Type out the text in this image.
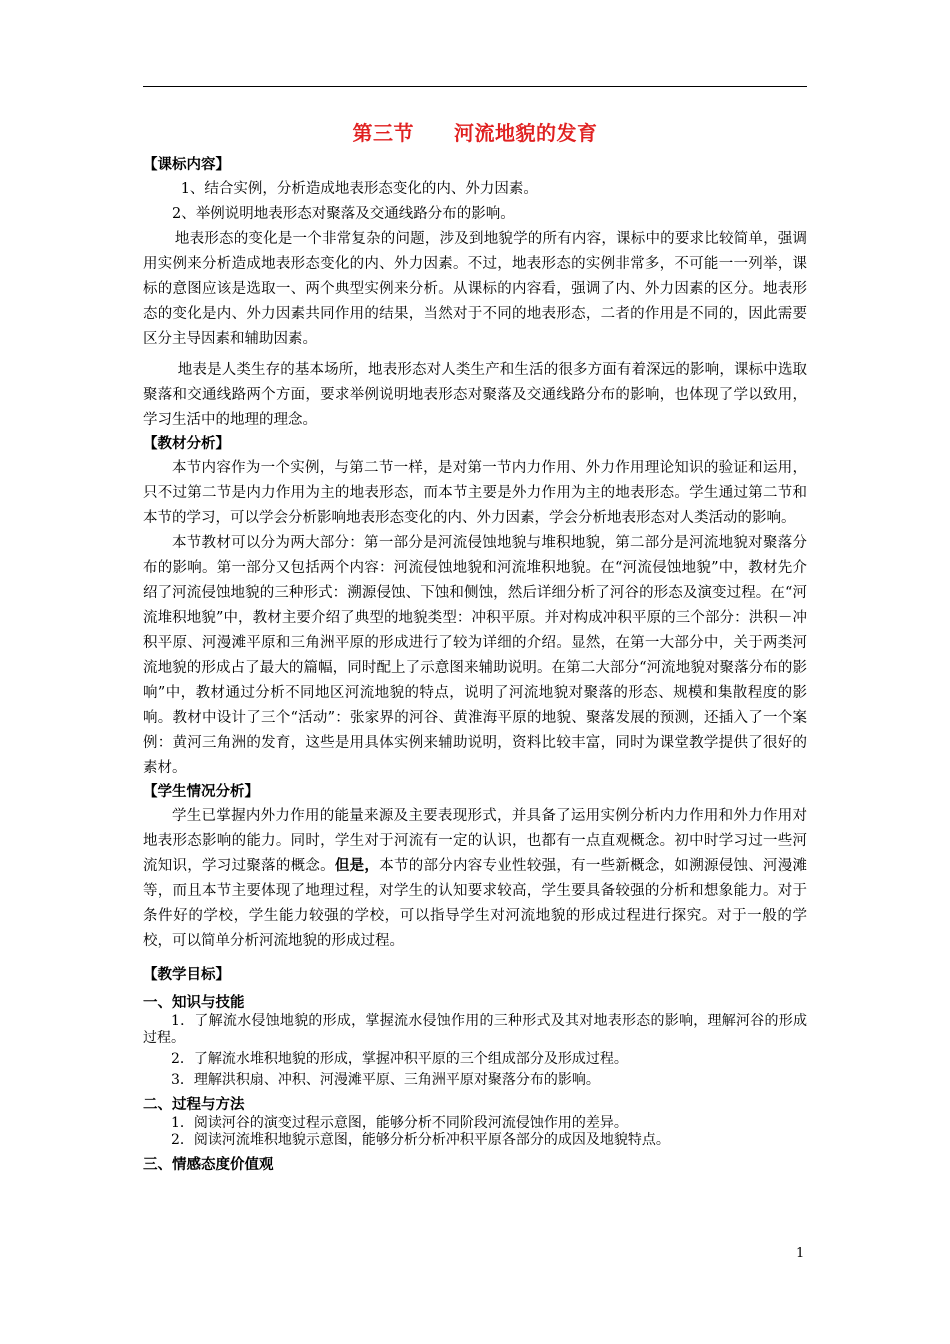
第三节 河流地貌的发育
【课标内容】

1、结合实例，分析造成地表形态变化的内、外力因素。

2、举例说明地表形态对聚落及交通线路分布的影响。

地表形态的变化是一个非常复杂的问题，涉及到地貌学的所有内容，课标中的要求比较简单，强调用实例来分析造成地表形态变化的内、外力因素。不过，地表形态的实例非常多，不可能一一列举，课标的意图应该是选取一、两个典型实例来分析。从课标的内容看，强调了内、外力因素的区分。地表形态的变化是内、外力因素共同作用的结果，当然对于不同的地表形态，二者的作用是不同的，因此需要区分主导因素和辅助因素。

地表是人类生存的基本场所，地表形态对人类生产和生活的很多方面有着深远的影响，课标中选取聚落和交通线路两个方面，要求举例说明地表形态对聚落及交通线路分布的影响，也体现了学以致用，学习生活中的地理的理念。

【教材分析】

本节内容作为一个实例，与第二节一样，是对第一节内力作用、外力作用理论知识的验证和运用，只不过第二节是内力作用为主的地表形态，而本节主要是外力作用为主的地表形态。学生通过第二节和本节的学习，可以学会分析影响地表形态变化的内、外力因素，学会分析地表形态对人类活动的影响。

本节教材可以分为两大部分：第一部分是河流侵蚀地貌与堆积地貌，第二部分是河流地貌对聚落分布的影响。第一部分又包括两个内容：河流侵蚀地貌和河流堆积地貌。在“河流侵蚀地貌”中，教材先介绍了河流侵蚀地貌的三种形式：溯源侵蚀、下蚀和侧蚀，然后详细分析了河谷的形态及演变过程。在“河流堆积地貌”中，教材主要介绍了典型的地貌类型：冲积平原。并对构成冲积平原的三个部分：洪积－冲积平原、河漫滩平原和三角洲平原的形成进行了较为详细的介绍。显然，在第一大部分中，关于两类河流地貌的形成占了最大的篇幅，同时配上了示意图来辅助说明。在第二大部分“河流地貌对聚落分布的影响”中，教材通过分析不同地区河流地貌的特点，说明了河流地貌对聚落的形态、规模和集散程度的影响。教材中设计了三个“活动”：张家界的河谷、黄淮海平原的地貌、聚落发展的预测，还插入了一个案例：黄河三角洲的发育，这些是用具体实例来辅助说明，资料比较丰富，同时为课堂教学提供了很好的素材。

【学生情况分析】

学生已掌握内外力作用的能量来源及主要表现形式，并具备了运用实例分析内力作用和外力作用对地表形态影响的能力。同时，学生对于河流有一定的认识，也都有一点直观概念。初中时学习过一些河流知识，学习过聚落的概念。但是，本节的部分内容专业性较强，有一些新概念，如溯源侵蚀、河漫滩等，而且本节主要体现了地理过程，对学生的认知要求较高，学生要具备较强的分析和想象能力。对于条件好的学校，学生能力较强的学校，可以指导学生对河流地貌的形成过程进行探究。对于一般的学校，可以简单分析河流地貌的形成过程。

【教学目标】
一、知识与技能

1．了解流水侵蚀地貌的形成，掌握流水侵蚀作用的三种形式及其对地表形态的影响，理解河谷的形成过程。

2．了解流水堆积地貌的形成，掌握冲积平原的三个组成部分及形成过程。

3．理解洪积扇、冲积、河漫滩平原、三角洲平原对聚落分布的影响。

二、过程与方法

1．阅读河谷的演变过程示意图，能够分析不同阶段河流侵蚀作用的差异。

2．阅读河流堆积地貌示意图，能够分析分析冲积平原各部分的成因及地貌特点。

三、情感态度价值观
1
